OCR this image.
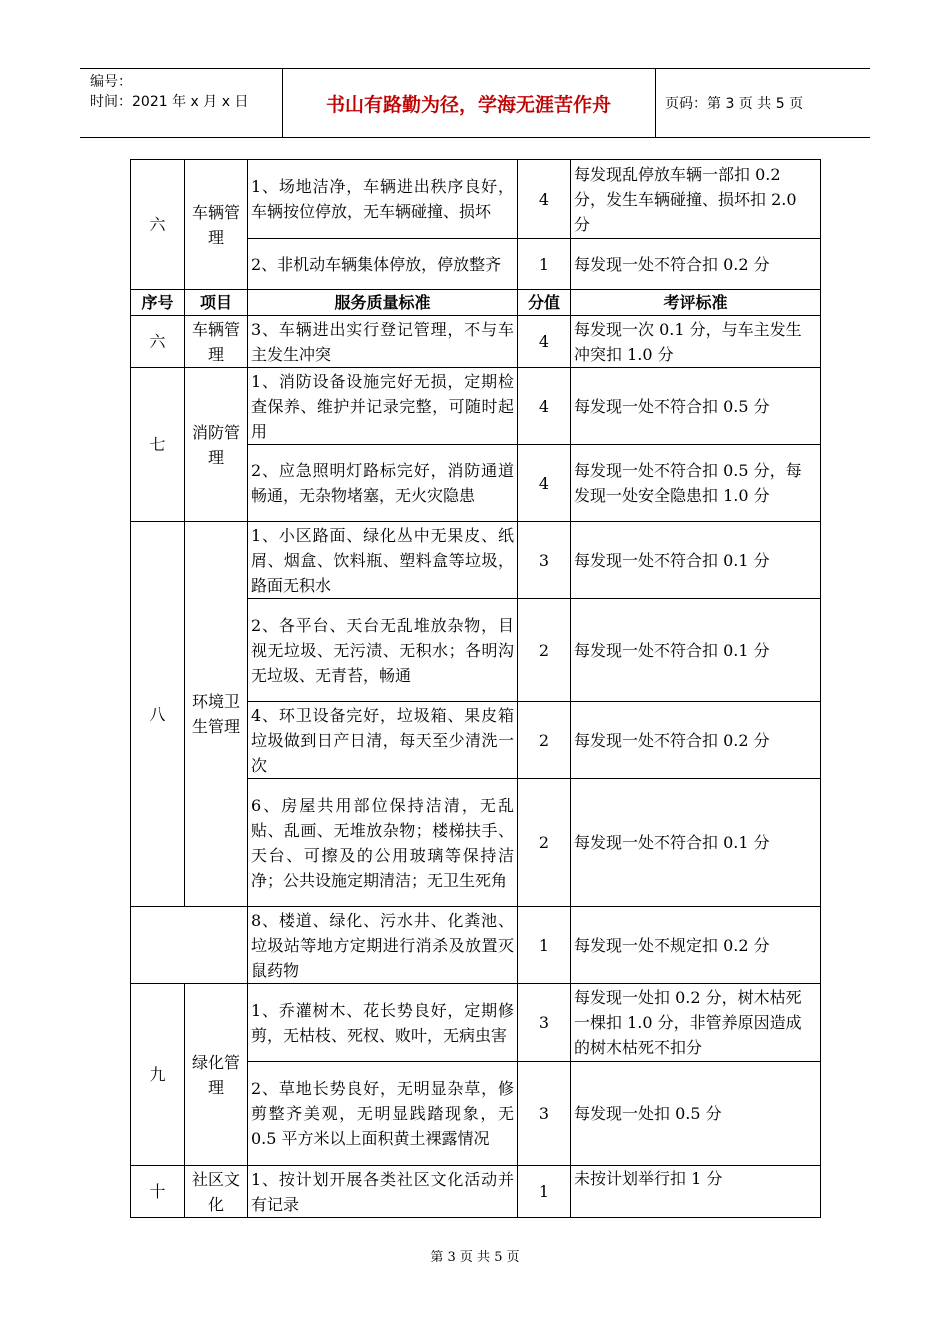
编号：
时间：2021 年 x 月 x 日	书山有路勤为径，学海无涯苦作舟	页码：第 3 页 共 5 页
六	车辆管理	1、场地洁净，车辆进出秩序良好，车辆按位停放，无车辆碰撞、损坏	4	每发现乱停放车辆一部扣 0.2 分，发生车辆碰撞、损坏扣 2.0 分
		2、非机动车辆集体停放，停放整齐	1	每发现一处不符合扣 0.2 分
序号	项目	服务质量标准	分值	考评标准
六	车辆管理	3、车辆进出实行登记管理，不与车主发生冲突	4	每发现一次 0.1 分，与车主发生冲突扣 1.0 分
七	消防管理	1、消防设备设施完好无损，定期检查保养、维护并记录完整，可随时起用	4	每发现一处不符合扣 0.5 分
		2、应急照明灯路标完好，消防通道畅通，无杂物堵塞，无火灾隐患	4	每发现一处不符合扣 0.5 分，每发现一处安全隐患扣 1.0 分
八	环境卫生管理	1、小区路面、绿化丛中无果皮、纸屑、烟盒、饮料瓶、塑料盒等垃圾，路面无积水	3	每发现一处不符合扣 0.1 分
		2、各平台、天台无乱堆放杂物，目视无垃圾、无污渍、无积水；各明沟无垃圾、无青苔，畅通	2	每发现一处不符合扣 0.1 分
		4、环卫设备完好，垃圾箱、果皮箱垃圾做到日产日清，每天至少清洗一次	2	每发现一处不符合扣 0.2 分
		6、房屋共用部位保持洁清，无乱贴、乱画、无堆放杂物；楼梯扶手、天台、可擦及的公用玻璃等保持洁净；公共设施定期清洁；无卫生死角	2	每发现一处不符合扣 0.1 分
		8、楼道、绿化、污水井、化粪池、垃圾站等地方定期进行消杀及放置灭鼠药物	1	每发现一处不规定扣 0.2 分
九	绿化管理	1、乔灌树木、花长势良好，定期修剪，无枯枝、死杈、败叶，无病虫害	3	每发现一处扣 0.2 分，树木枯死一棵扣 1.0 分，非管养原因造成的树木枯死不扣分
		2、草地长势良好，无明显杂草，修剪整齐美观，无明显践踏现象，无 0.5 平方米以上面积黄土裸露情况	3	每发现一处扣 0.5 分
十	社区文化	1、按计划开展各类社区文化活动并有记录	1	未按计划举行扣 1 分
第 3 页 共 5 页
